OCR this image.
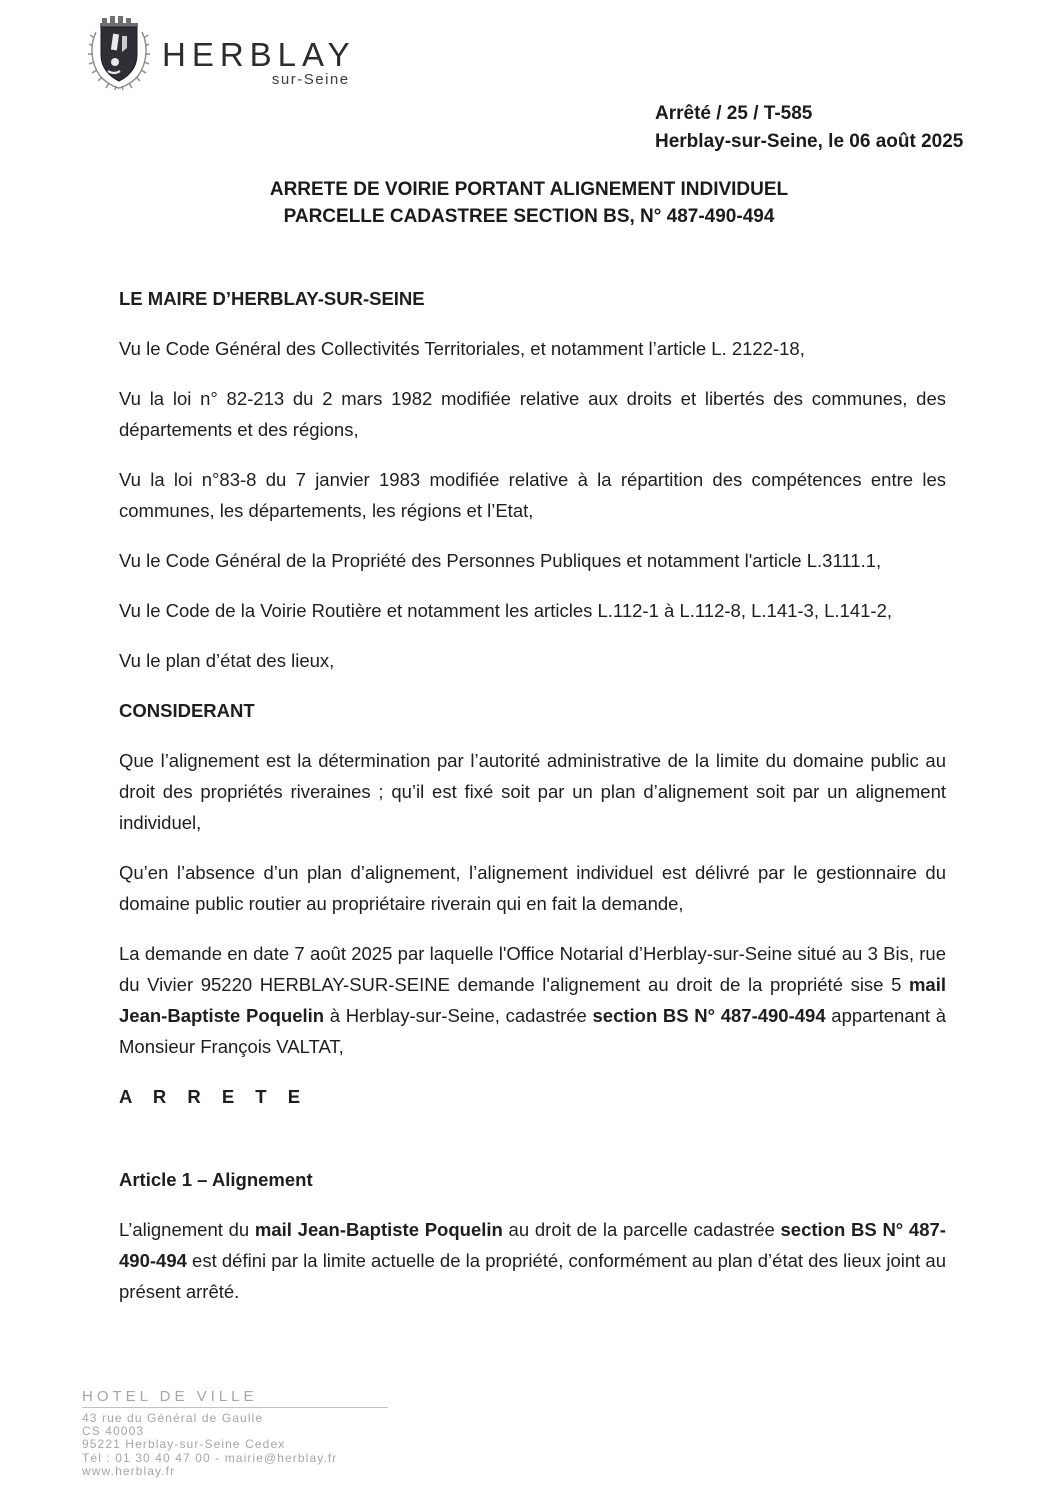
HERBLAY
sur-Seine
Arrêté / 25 / T-585
Herblay-sur-Seine, le 06 août 2025
ARRETE DE VOIRIE PORTANT ALIGNEMENT INDIVIDUEL
PARCELLE CADASTREE SECTION BS, N° 487-490-494

LE MAIRE D’HERBLAY-SUR-SEINE

Vu le Code Général des Collectivités Territoriales, et notamment l’article L. 2122-18,

Vu la loi n° 82-213 du 2 mars 1982 modifiée relative aux droits et libertés des communes, des départements et des régions,

Vu la loi n°83-8 du 7 janvier 1983 modifiée relative à la répartition des compétences entre les communes, les départements, les régions et l’Etat,

Vu le Code Général de la Propriété des Personnes Publiques et notamment l'article L.3111.1,

Vu le Code de la Voirie Routière et notamment les articles L.112-1 à L.112-8, L.141-3, L.141-2,

Vu le plan d’état des lieux,

CONSIDERANT

Que l’alignement est la détermination par l’autorité administrative de la limite du domaine public au droit des propriétés riveraines ; qu’il est fixé soit par un plan d’alignement soit par un alignement individuel,

Qu’en l’absence d’un plan d’alignement, l’alignement individuel est délivré par le gestionnaire du domaine public routier au propriétaire riverain qui en fait la demande,

La demande en date 7 août 2025 par laquelle l'Office Notarial d’Herblay-sur-Seine situé au 3 Bis, rue du Vivier 95220 HERBLAY-SUR-SEINE demande l'alignement au droit de la propriété sise 5 mail Jean-Baptiste Poquelin à Herblay-sur-Seine, cadastrée section BS N° 487-490-494 appartenant à Monsieur François VALTAT,

A R R E T E

Article 1 – Alignement

L’alignement du mail Jean-Baptiste Poquelin au droit de la parcelle cadastrée section BS N° 487-490-494 est défini par la limite actuelle de la propriété, conformément au plan d’état des lieux joint au présent arrêté.

HOTEL DE VILLE
43 rue du Général de Gaulle
CS 40003
95221 Herblay-sur-Seine Cedex
Tél : 01 30 40 47 00 - mairie@herblay.fr
www.herblay.fr
